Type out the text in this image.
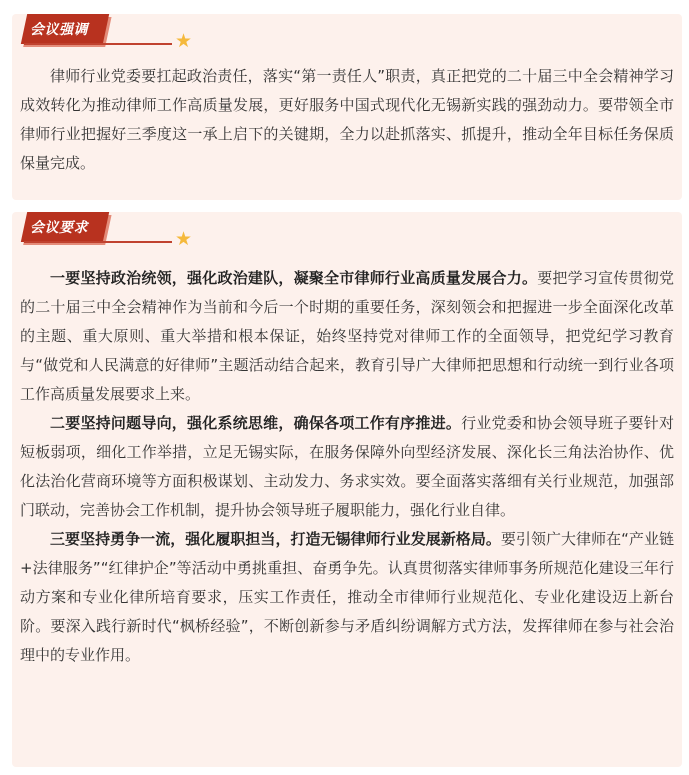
会议强调	★

律师行业党委要扛起政治责任，落实“第一责任人”职责，真正把党的二十届三中全会精神学习成效转化为推动律师工作高质量发展，更好服务中国式现代化无锡新实践的强劲动力。要带领全市律师行业把握好三季度这一承上启下的关键期，全力以赴抓落实、抓提升，推动全年目标任务保质保量完成。

会议要求	★

一要坚持政治统领，强化政治建队，凝聚全市律师行业高质量发展合力。要把学习宣传贯彻党的二十届三中全会精神作为当前和今后一个时期的重要任务，深刻领会和把握进一步全面深化改革的主题、重大原则、重大举措和根本保证，始终坚持党对律师工作的全面领导，把党纪学习教育与“做党和人民满意的好律师”主题活动结合起来，教育引导广大律师把思想和行动统一到行业各项工作高质量发展要求上来。

二要坚持问题导向，强化系统思维，确保各项工作有序推进。行业党委和协会领导班子要针对短板弱项，细化工作举措，立足无锡实际，在服务保障外向型经济发展、深化长三角法治协作、优化法治化营商环境等方面积极谋划、主动发力、务求实效。要全面落实落细有关行业规范，加强部门联动，完善协会工作机制，提升协会领导班子履职能力，强化行业自律。

三要坚持勇争一流，强化履职担当，打造无锡律师行业发展新格局。要引领广大律师在“产业链+法律服务”“红律护企”等活动中勇挑重担、奋勇争先。认真贯彻落实律师事务所规范化建设三年行动方案和专业化律所培育要求，压实工作责任，推动全市律师行业规范化、专业化建设迈上新台阶。要深入践行新时代“枫桥经验”，不断创新参与矛盾纠纷调解方式方法，发挥律师在参与社会治理中的专业作用。
